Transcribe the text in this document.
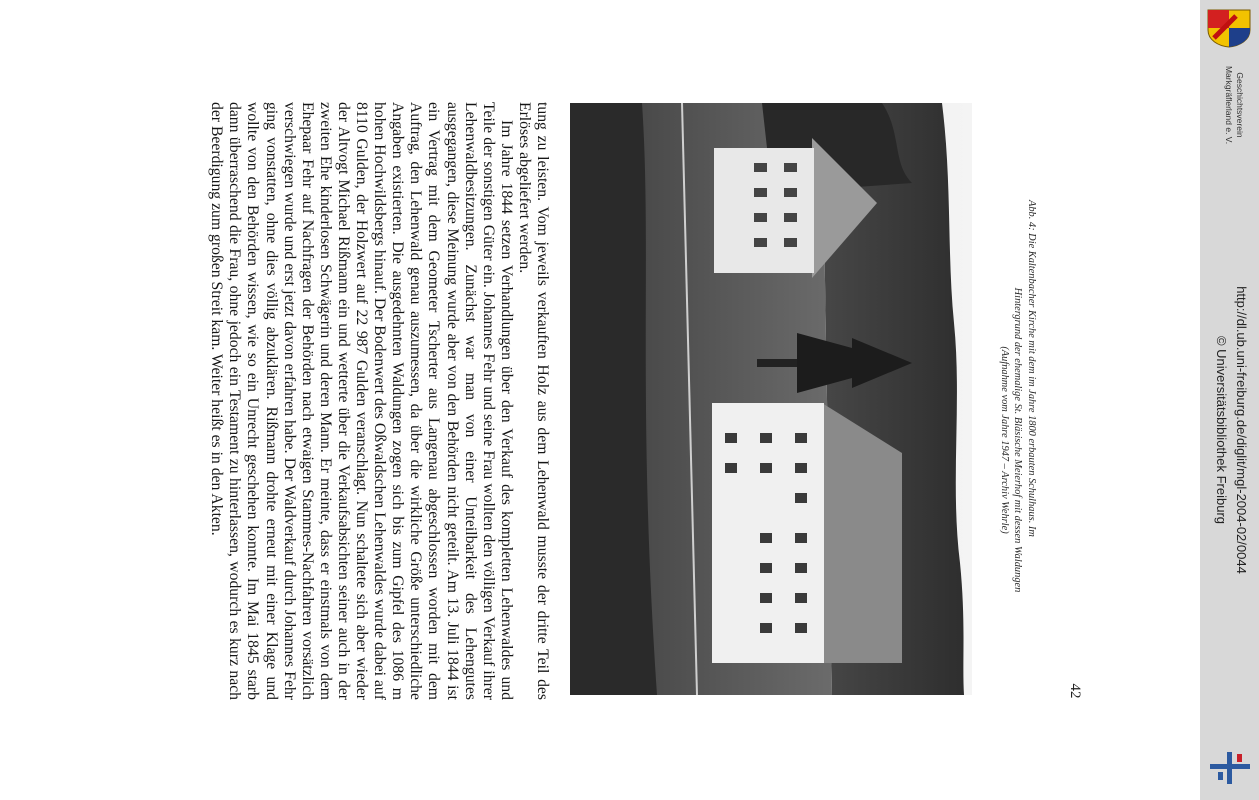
tung zu leisten. Vom jeweils verkauften Holz aus dem Lehenwald musste der dritte Teil des Erlöses abgeliefert werden.

Im Jahre 1844 setzen Verhandlungen über den Verkauf des kompletten Lehenwaldes und Teile der sonstigen Güter ein. Johannes Fehr und seine Frau wollten den völligen Verkauf ihrer Lehenwaldbesitzungen. Zunächst war man von einer Unteilbarkeit des Lehengutes ausgegangen, diese Meinung wurde aber von den Behörden nicht geteilt. Am 13. Juli 1844 ist ein Vertrag mit dem Geometer Tscherter aus Langenau abgeschlossen worden mit dem Auftrag, den Lehenwald genau auszumessen, da über die wirkliche Größe unterschiedliche Angaben existierten. Die ausgedehnten Waldungen zogen sich bis zum Gipfel des 1086 m hohen Hochwildsbergs hinauf. Der Bodenwert des Oßwaldschen Lehenwaldes wurde dabei auf 8110 Gulden, der Holzwert auf 22 987 Gulden veranschlagt. Nun schaltete sich aber wieder der Altvogt Michael Rißmann ein und wetterte über die Verkaufsabsichten seiner auch in der zweiten Ehe kinderlosen Schwägerin und deren Mann. Er meinte, dass er einstmals von dem Ehepaar Fehr auf Nachfragen der Behörden nach etwaigen Stammes-Nachfahren vorsätzlich verschwiegen wurde und erst jetzt davon erfahren habe. Der Waldverkauf durch Johannes Fehr ging vonstatten, ohne dies völlig abzuklären. Rißmann drohte erneut mit einer Klage und wollte von den Behörden wissen, wie so ein Unrecht geschehen konnte. Im Mai 1845 starb dann überraschend die Frau, ohne jedoch ein Testament zu hinterlassen, wodurch es kurz nach der Beerdigung zum großen Streit kam. Weiter heißt es in den Akten.	Abb. 4: Die Kaltenbacher Kirche mit dem im Jahre 1800 erbauten Schulhaus. Im
Hintergrund der ehemalige St. Bläsische Meierhof mit dessen Waldungen
(Aufnahme vom Jahre 1947 – Archiv Wehrle)
42
Geschichtsverein
Markgräflerland e. V.
http://dl.ub.uni-freiburg.de/diglit/mgl-2004-02/0044
© Universitätsbibliothek Freiburg
